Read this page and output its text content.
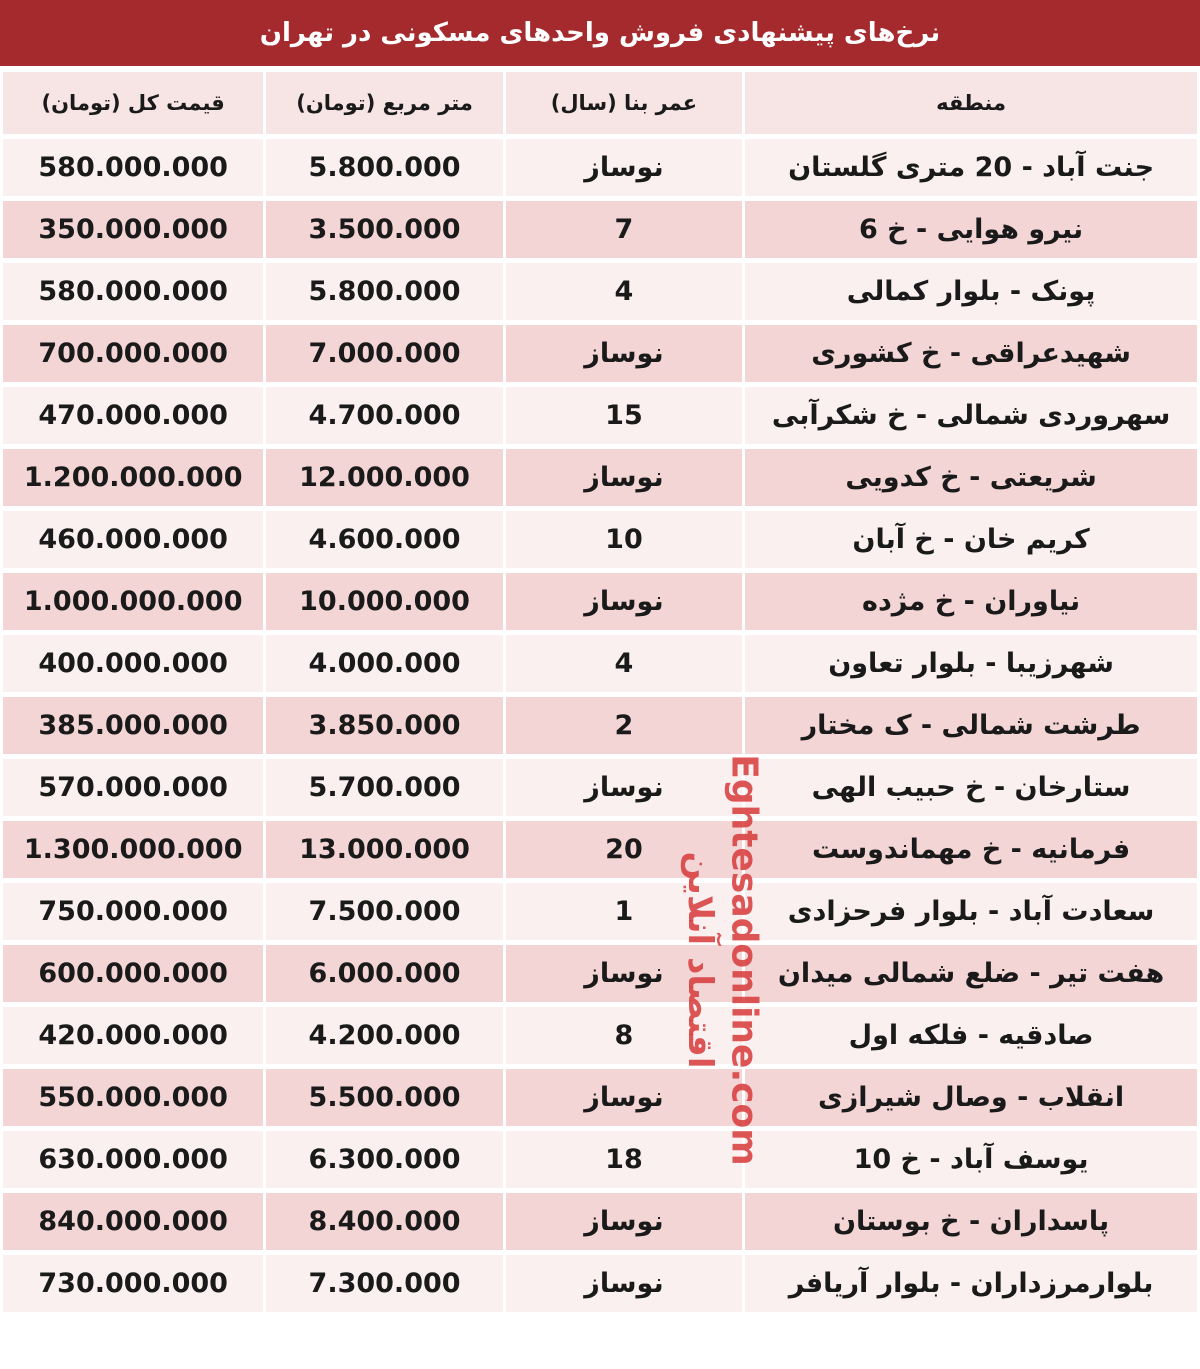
نرخ‌های پیشنهادی فروش واحدهای مسکونی در تهران
منطقه	عمر بنا (سال)	متر مربع (تومان)	قیمت کل (تومان)
جنت آباد - 20 متری گلستان	نوساز	5.800.000	580.000.000
نیرو هوایی - خ 6	7	3.500.000	350.000.000
پونک - بلوار کمالی	4	5.800.000	580.000.000
شهیدعراقی - خ کشوری	نوساز	7.000.000	700.000.000
سهروردی شمالی - خ شکرآبی	15	4.700.000	470.000.000
شریعتی - خ کدویی	نوساز	12.000.000	1.200.000.000
کریم خان - خ آبان	10	4.600.000	460.000.000
نیاوران - خ مژده	نوساز	10.000.000	1.000.000.000
شهرزیبا - بلوار تعاون	4	4.000.000	400.000.000
طرشت شمالی - ک مختار	2	3.850.000	385.000.000
ستارخان - خ حبیب الهی	نوساز	5.700.000	570.000.000
فرمانیه - خ مهماندوست	20	13.000.000	1.300.000.000
سعادت آباد - بلوار فرحزادی	1	7.500.000	750.000.000
هفت تیر - ضلع شمالی میدان	نوساز	6.000.000	600.000.000
صادقیه - فلکه اول	8	4.200.000	420.000.000
انقلاب - وصال شیرازی	نوساز	5.500.000	550.000.000
یوسف آباد - خ 10	18	6.300.000	630.000.000
پاسداران - خ بوستان	نوساز	8.400.000	840.000.000
بلوارمرزداران - بلوار آریافر	نوساز	7.300.000	730.000.000
Eghtesadonline.com
اقتصاد آنلاین
